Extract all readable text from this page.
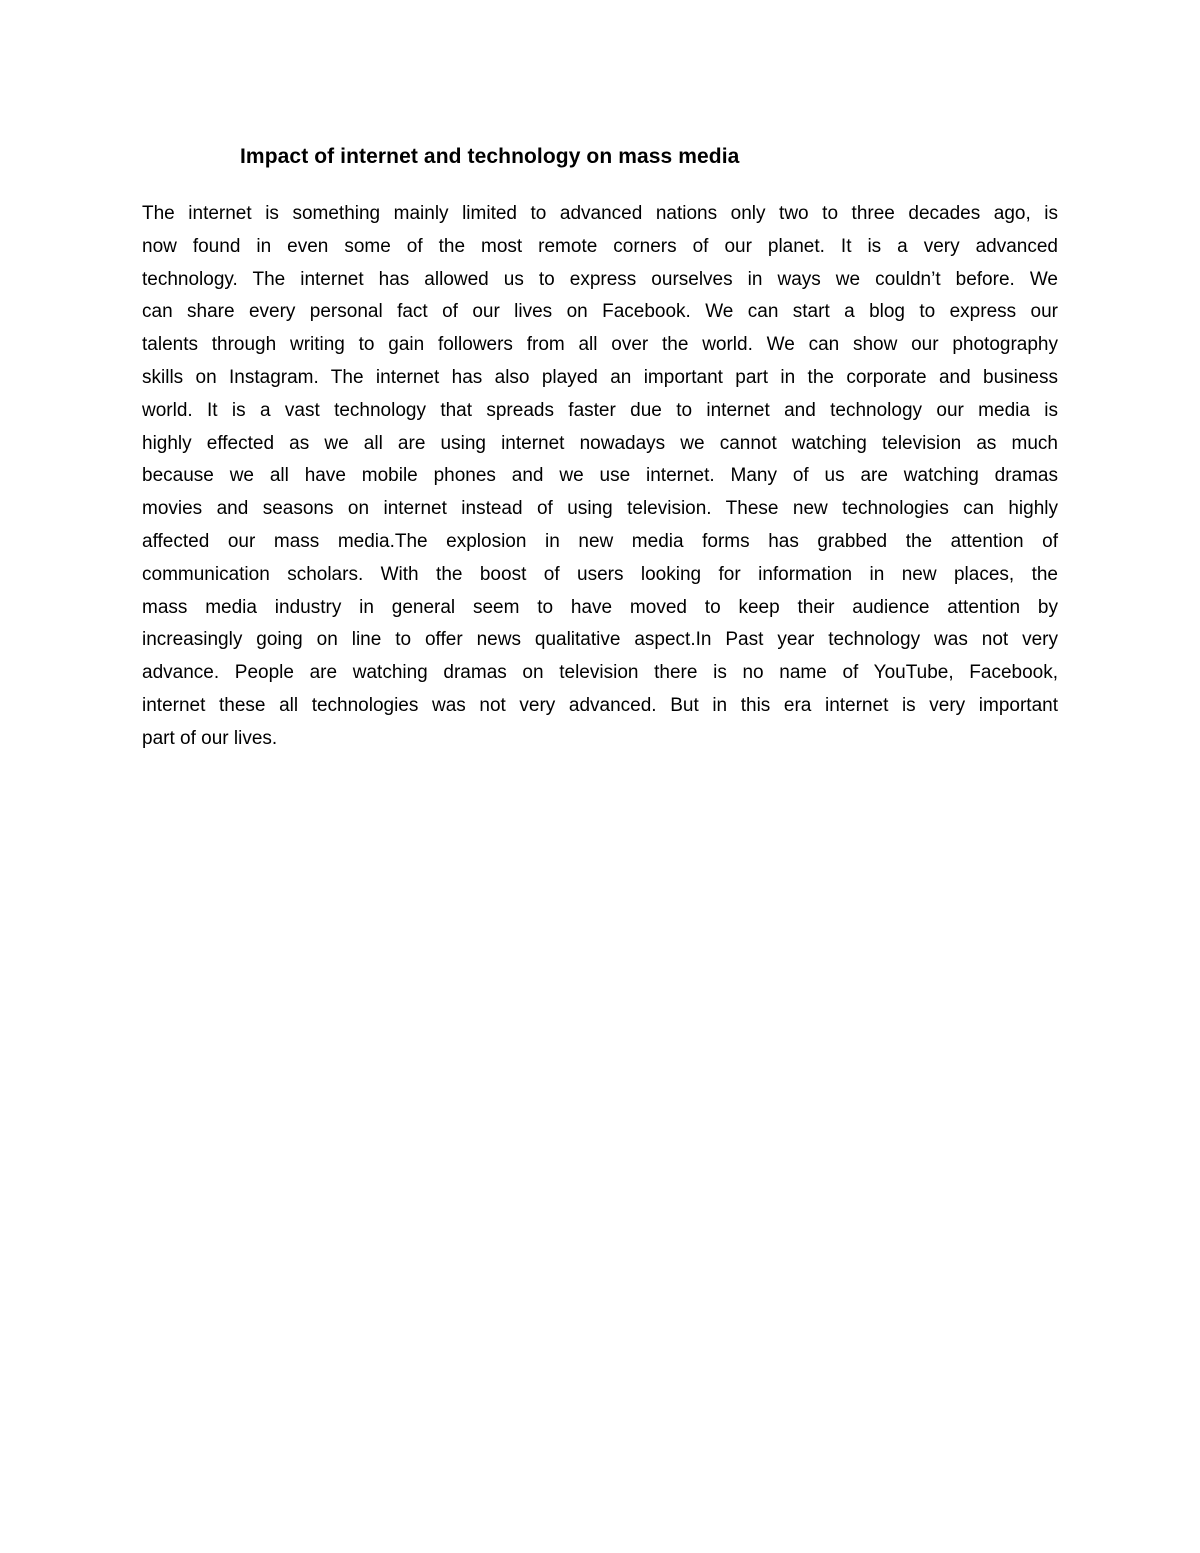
Impact of internet and technology on mass media
The internet is something mainly limited to advanced nations only two to three decades ago, is
now found in even some of the most remote corners of our planet. It is a very advanced
technology. The internet has allowed us to express ourselves in ways we couldn’t before. We
can share every personal fact of our lives on Facebook. We can start a blog to express our
talents through writing to gain followers from all over the world. We can show our photography
skills on Instagram. The internet has also played an important part in the corporate and business
world. It is a vast technology that spreads faster due to internet and technology our media is
highly effected as we all are using internet nowadays we cannot watching television as much
because we all have mobile phones and we use internet. Many of us are watching dramas
movies and seasons on internet instead of using television. These new technologies can highly
affected our mass media.The explosion in new media forms has grabbed the attention of
communication scholars. With the boost of users looking for information in new places, the
mass media industry in general seem to have moved to keep their audience attention by
increasingly going on line to offer news qualitative aspect.In Past year technology was not very
advance. People are watching dramas on television there is no name of YouTube, Facebook,
internet these all technologies was not very advanced. But in this era internet is very important
part of our lives.
